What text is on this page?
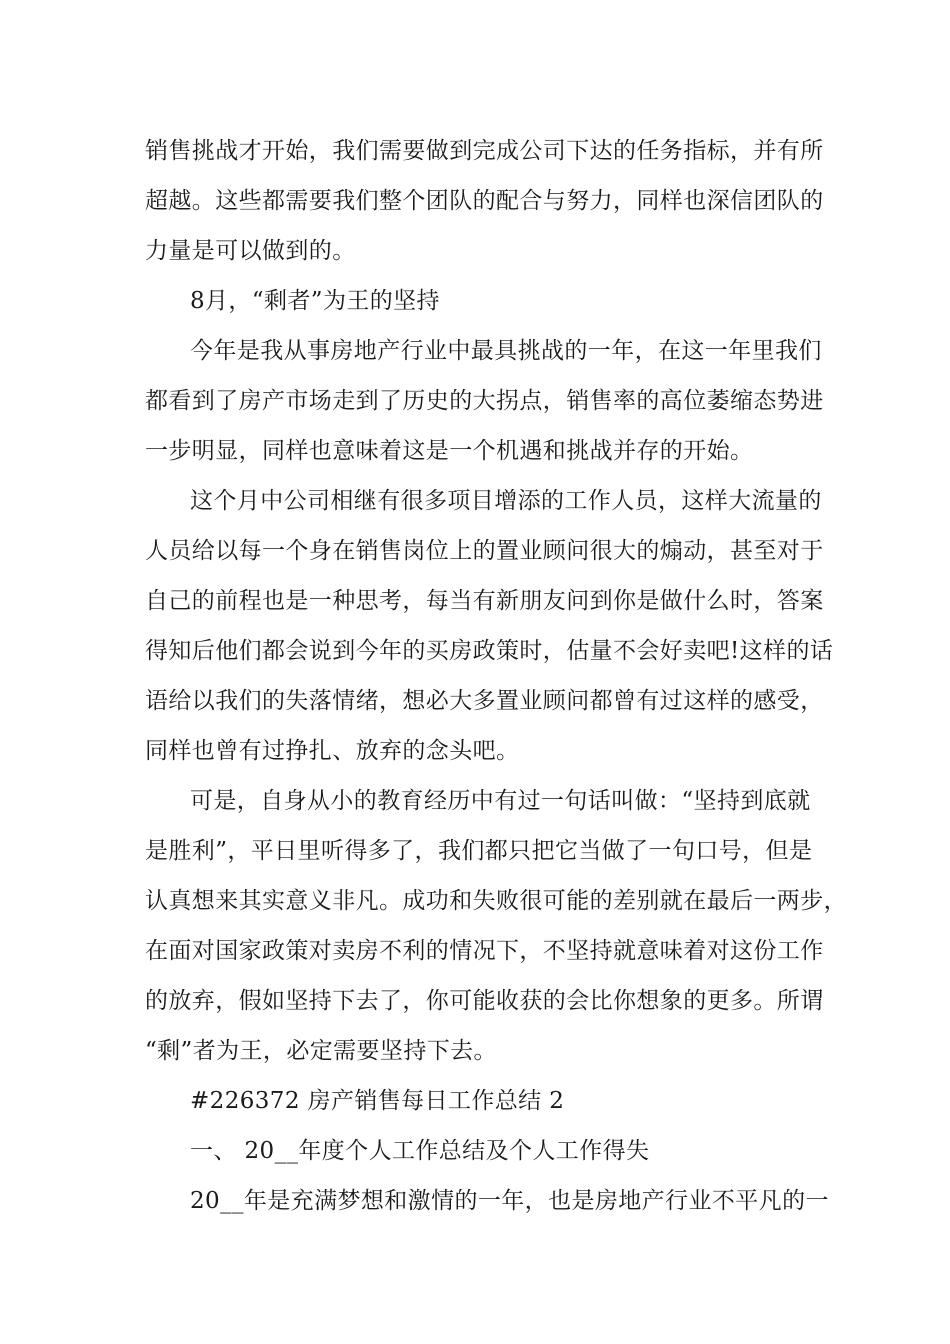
销售挑战才开始，我们需要做到完成公司下达的任务指标，并有所

超越。这些都需要我们整个团队的配合与努力，同样也深信团队的

力量是可以做到的。

8月，“剩者”为王的坚持

今年是我从事房地产行业中最具挑战的一年，在这一年里我们

都看到了房产市场走到了历史的大拐点，销售率的高位萎缩态势进

一步明显，同样也意味着这是一个机遇和挑战并存的开始。

这个月中公司相继有很多项目增添的工作人员，这样大流量的

人员给以每一个身在销售岗位上的置业顾问很大的煽动，甚至对于

自己的前程也是一种思考，每当有新朋友问到你是做什么时，答案

得知后他们都会说到今年的买房政策时，估量不会好卖吧!这样的话

语给以我们的失落情绪，想必大多置业顾问都曾有过这样的感受，

同样也曾有过挣扎、放弃的念头吧。

可是，自身从小的教育经历中有过一句话叫做：“坚持到底就

是胜利”，平日里听得多了，我们都只把它当做了一句口号，但是

认真想来其实意义非凡。成功和失败很可能的差别就在最后一两步，

在面对国家政策对卖房不利的情况下，不坚持就意味着对这份工作

的放弃，假如坚持下去了，你可能收获的会比你想象的更多。所谓

“剩”者为王，必定需要坚持下去。

#226372 房产销售每日工作总结 2

一、 20__年度个人工作总结及个人工作得失

20__年是充满梦想和激情的一年，也是房地产行业不平凡的一
